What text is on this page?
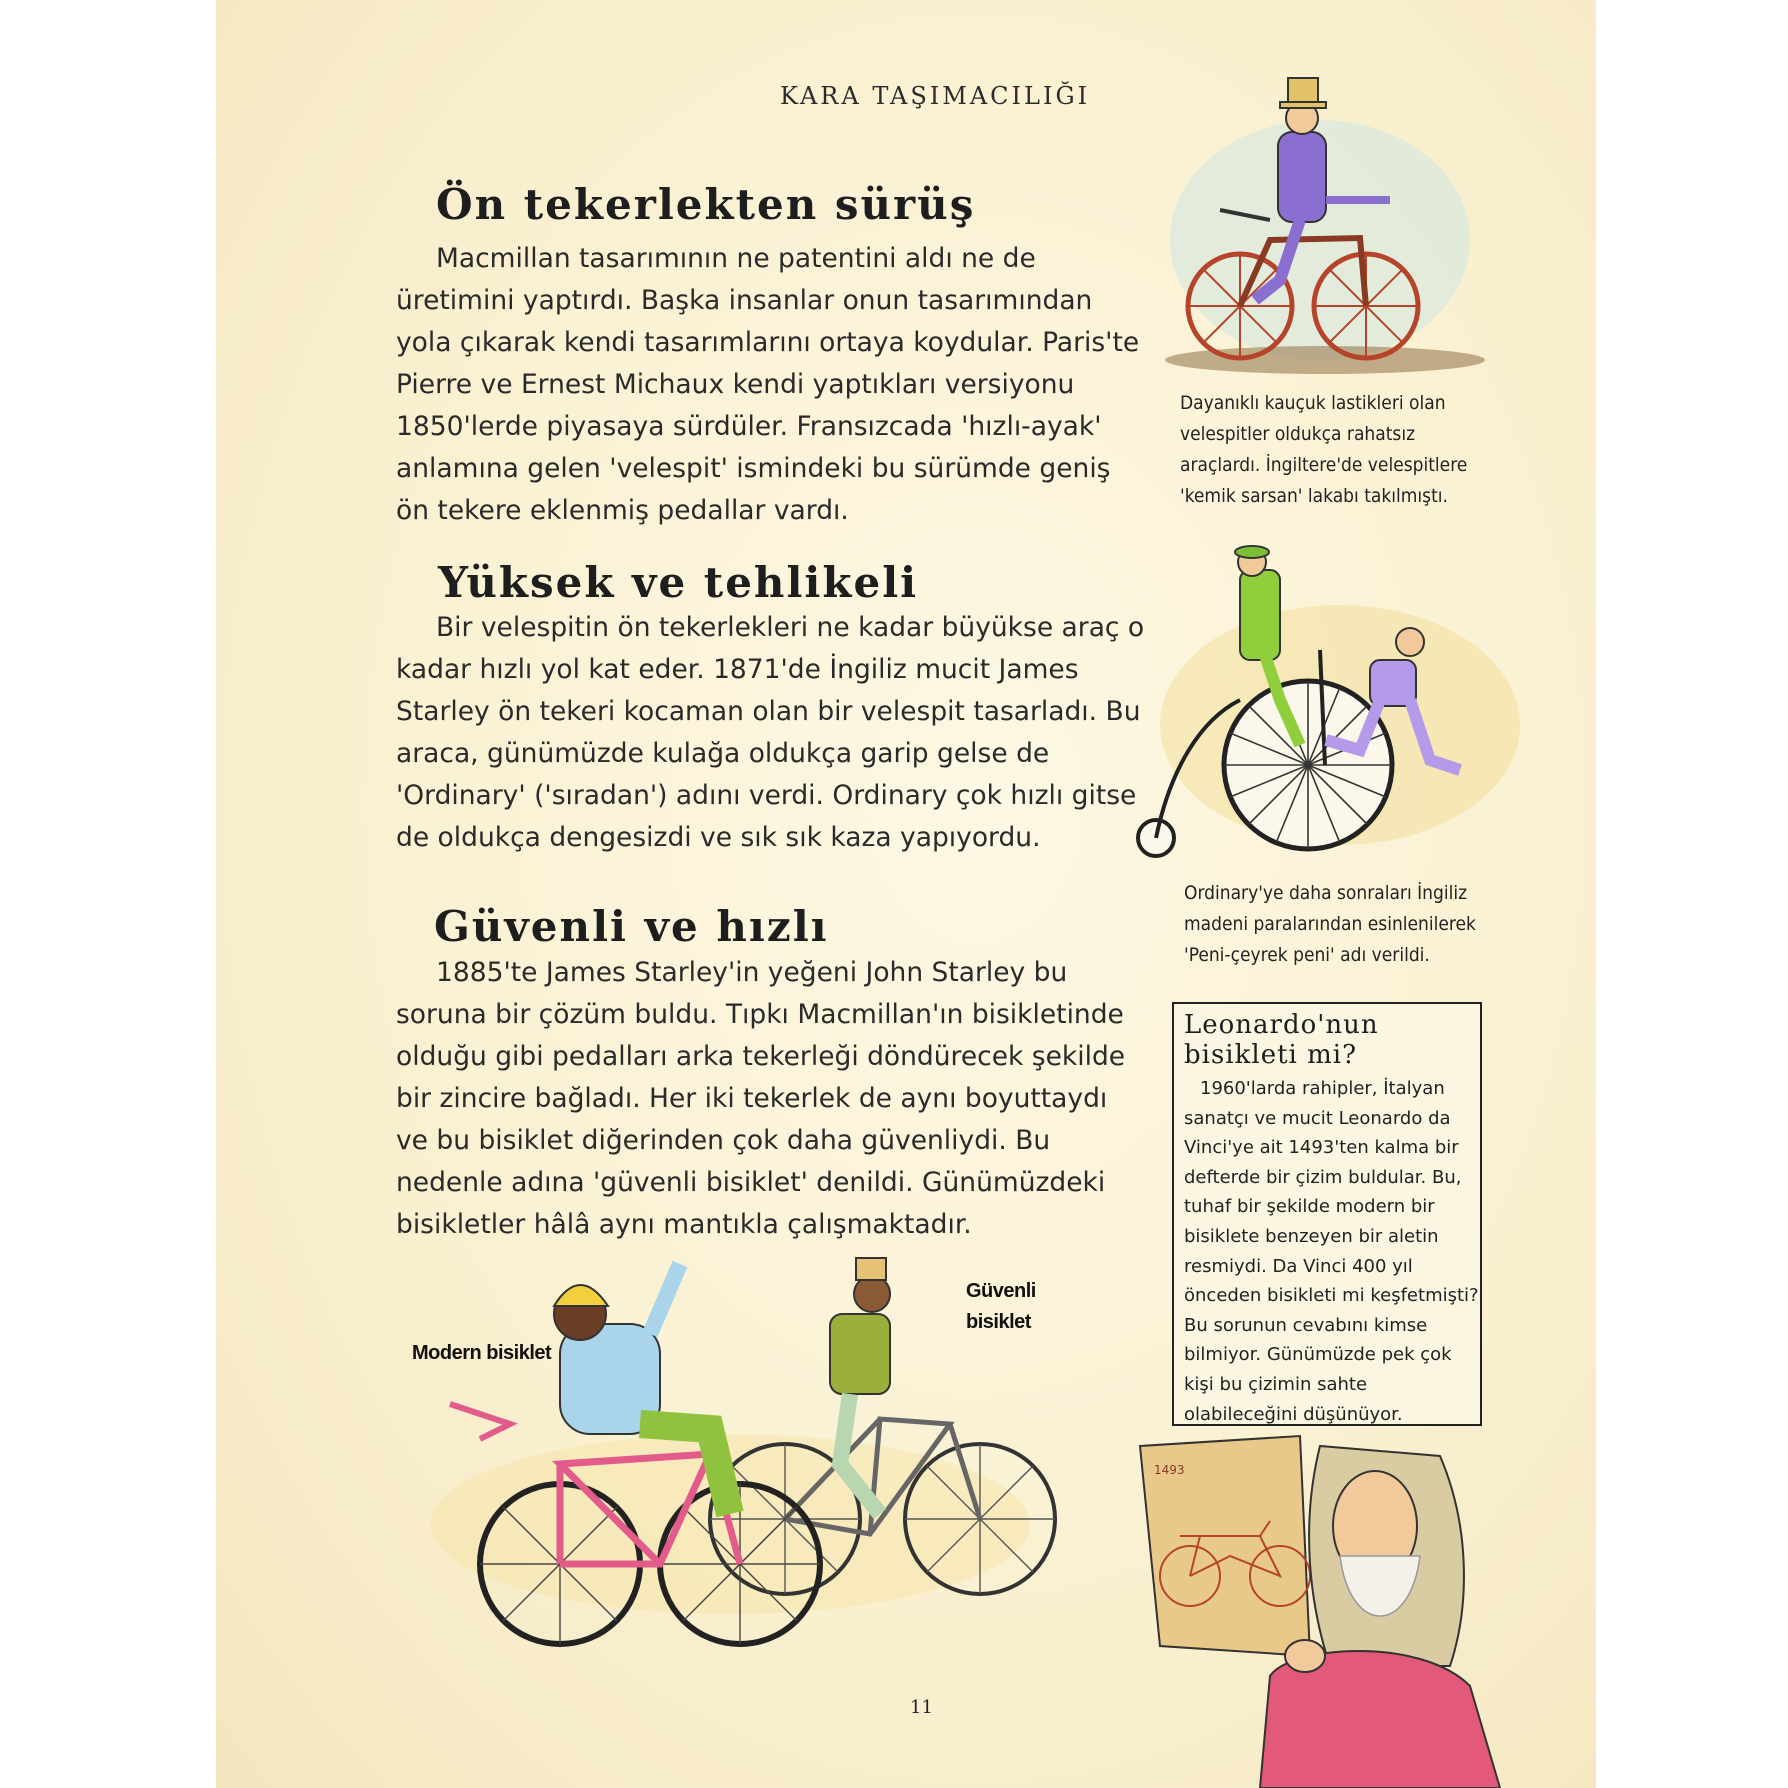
KARA TAŞIMACILIĞI
Ön tekerlekten sürüş

Macmillan tasarımının ne patentini aldı ne de üretimini yaptırdı. Başka insanlar onun tasarımından yola çıkarak kendi tasarımlarını ortaya koydular. Paris'te Pierre ve Ernest Michaux kendi yaptıkları versiyonu 1850'lerde piyasaya sürdüler. Fransızcada 'hızlı-ayak' anlamına gelen 'velespit' ismindeki bu sürümde geniş ön tekere eklenmiş pedallar vardı.

Yüksek ve tehlikeli

Bir velespitin ön tekerlekleri ne kadar büyükse araç o kadar hızlı yol kat eder. 1871'de İngiliz mucit James Starley ön tekeri kocaman olan bir velespit tasarladı. Bu araca, günümüzde kulağa oldukça garip gelse de 'Ordinary' ('sıradan') adını verdi. Ordinary çok hızlı gitse de oldukça dengesizdi ve sık sık kaza yapıyordu.

Güvenli ve hızlı

1885'te James Starley'in yeğeni John Starley bu soruna bir çözüm buldu. Tıpkı Macmillan'ın bisikletinde olduğu gibi pedalları arka tekerleği döndürecek şekilde bir zincire bağladı. Her iki tekerlek de aynı boyuttaydı ve bu bisiklet diğerinden çok daha güvenliydi. Bu nedenle adına 'güvenli bisiklet' denildi. Günümüzdeki bisikletler hâlâ aynı mantıkla çalışmaktadır.

Dayanıklı kauçuk lastikleri olan velespitler oldukça rahatsız araçlardı. İngiltere'de velespitlere 'kemik sarsan' lakabı takılmıştı.
Ordinary'ye daha sonraları İngiliz madeni paralarından esinlenilerek 'Peni-çeyrek peni' adı verildi.
Modern bisiklet
Güvenli
bisiklet
Leonardo'nun bisikleti mi?

1960'larda rahipler, İtalyan sanatçı ve mucit Leonardo da Vinci'ye ait 1493'ten kalma bir defterde bir çizim buldular. Bu, tuhaf bir şekilde modern bir bisiklete benzeyen bir aletin resmiydi. Da Vinci 400 yıl önceden bisikleti mi keşfetmişti? Bu sorunun cevabını kimse bilmiyor. Günümüzde pek çok kişi bu çizimin sahte olabileceğini düşünüyor.

1493
11
